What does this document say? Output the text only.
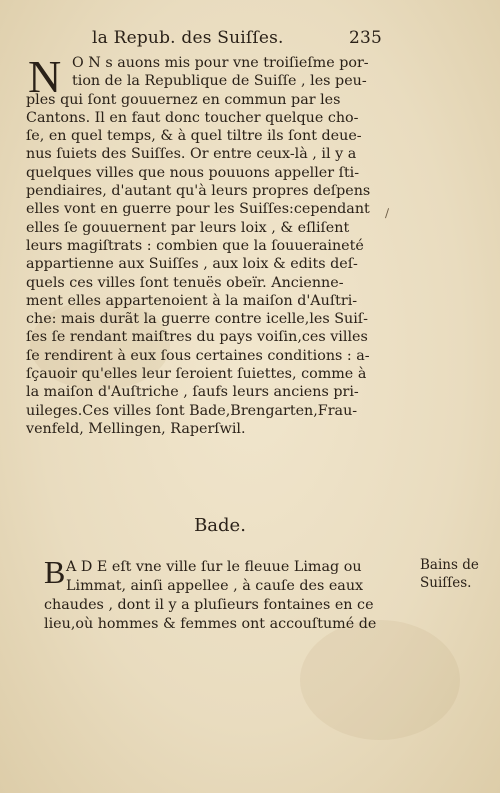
la Repub. des Suiſſes.	235
N O N s auons mis pour vne troiſieſme por-
tion de la Republique de Suiſſe , les peu-
ples qui ſont gouuernez en commun par les
Cantons. Il en faut donc toucher quelque cho-
ſe, en quel temps, & à quel tiltre ils ſont deue-
nus ſuiets des Suiſſes. Or entre ceux-là , il y a
quelques villes que nous pouuons appeller ſti-
pendiaires, d'autant qu'à leurs propres deſpens
elles vont en guerre pour les Suiſſes:cependant
elles ſe gouuernent par leurs loix , & eſliſent
leurs magiſtrats : combien que la ſouueraineté
appartienne aux Suiſſes , aux loix & edits deſ-
quels ces villes ſont tenuës obeïr. Ancienne-
ment elles appartenoient à la maiſon d'Auſtri-
che: mais durãt la guerre contre icelle,les Suiſ-
ſes ſe rendant maiſtres du pays voiſin,ces villes
ſe rendirent à eux ſous certaines conditions : a-
ſçauoir qu'elles leur ſeroient ſuiettes, comme à
la maiſon d'Auſtriche , ſaufs leurs anciens pri-
uileges.Ces villes ſont Bade,Brengarten,Frau-
venfeld, Mellingen, Raperſwil.
∕
Bade.
B A D E eſt vne ville ſur le fleuue Limag ou
Limmat, ainſi appellee , à cauſe des eaux
chaudes , dont il y a pluſieurs fontaines en ce
lieu,où hommes & femmes ont accouſtumé de
Bains de
Suiſſes.
